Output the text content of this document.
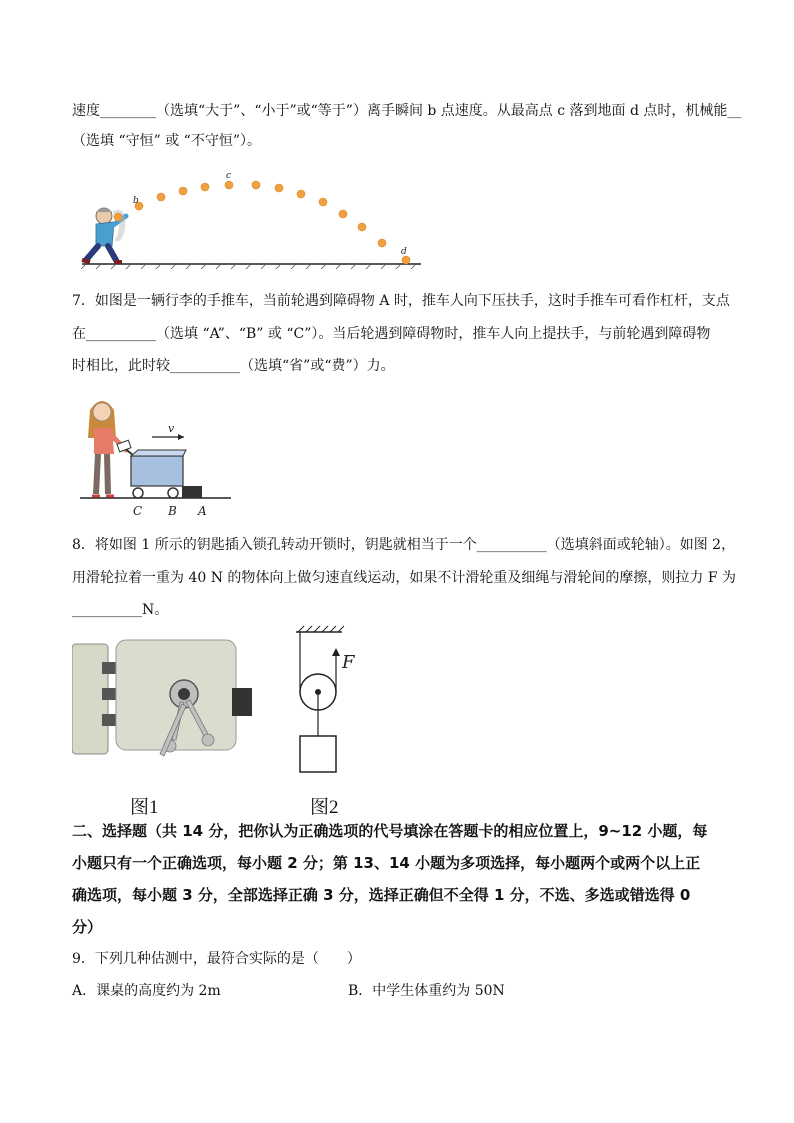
速度________（选填“大于”、“小于”或“等于”）离手瞬间 b 点速度。从最高点 c 落到地面 d 点时，机械能__
（选填 “守恒” 或 “不守恒”）。
b
c
d
7．如图是一辆行李的手推车，当前轮遇到障碍物 A 时，推车人向下压扶手，这时手推车可看作杠杆，支点
在__________（选填 “A”、“B” 或 “C”）。当后轮遇到障碍物时，推车人向上提扶手，与前轮遇到障碍物
时相比，此时较__________（选填“省”或“费”）力。
v
C B A
8．将如图 1 所示的钥匙插入锁孔转动开锁时，钥匙就相当于一个__________（选填斜面或轮轴）。如图 2，
用滑轮拉着一重为 40 N 的物体向上做匀速直线运动，如果不计滑轮重及细绳与滑轮间的摩擦，则拉力 F 为
__________N。
F
图1	图2
二、选择题（共 14 分，把你认为正确选项的代号填涂在答题卡的相应位置上，9~12 小题，每
小题只有一个正确选项，每小题 2 分；第 13、14 小题为多项选择，每小题两个或两个以上正
确选项，每小题 3 分，全部选择正确 3 分，选择正确但不全得 1 分，不选、多选或错选得 0
分）
9．下列几种估测中，最符合实际的是（　　）
A．课桌的高度约为 2m	B．中学生体重约为 50N
